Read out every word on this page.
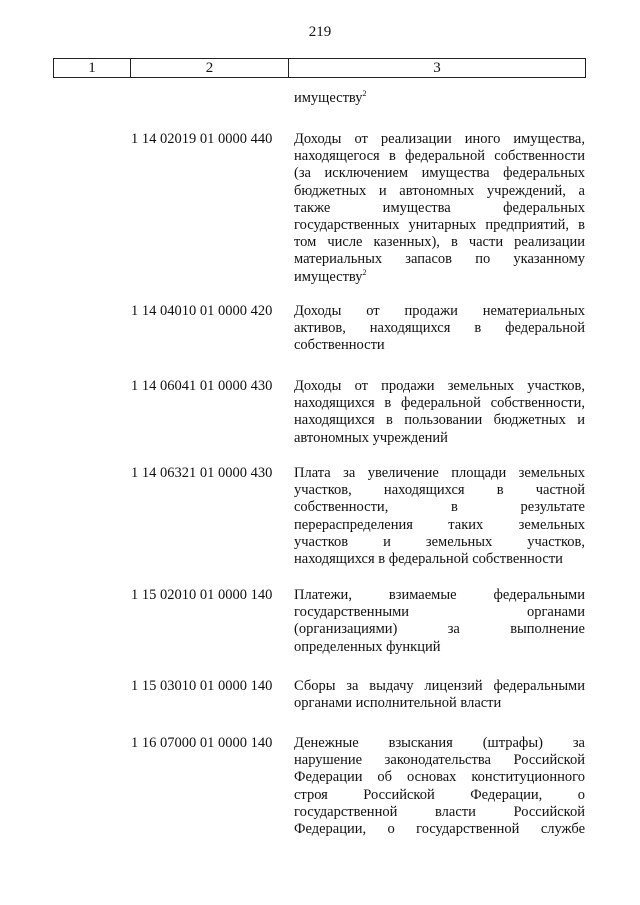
219
1	2	3
имуществу$^2$
1 14 02019 01 0000 440 Доходы от реализации иного имущества,
находящегося в федеральной собственности
(за исключением имущества федеральных
бюджетных и автономных учреждений, а
также имущества федеральных
государственных унитарных предприятий, в
том числе казенных), в части реализации
материальных запасов по указанному
имуществу$^2$
1 14 04010 01 0000 420 Доходы от продажи нематериальных
активов, находящихся в федеральной
собственности
1 14 06041 01 0000 430 Доходы от продажи земельных участков,
находящихся в федеральной собственности,
находящихся в пользовании бюджетных и
автономных учреждений
1 14 06321 01 0000 430 Плата за увеличение площади земельных
участков, находящихся в частной
собственности, в результате
перераспределения таких земельных
участков и земельных участков,
находящихся в федеральной собственности
1 15 02010 01 0000 140 Платежи, взимаемые федеральными
государственными органами
(организациями) за выполнение
определенных функций
1 15 03010 01 0000 140 Сборы за выдачу лицензий федеральными
органами исполнительной власти
1 16 07000 01 0000 140 Денежные взыскания (штрафы) за
нарушение законодательства Российской
Федерации об основах конституционного
строя Российской Федерации, о
государственной власти Российской
Федерации, о государственной службе
